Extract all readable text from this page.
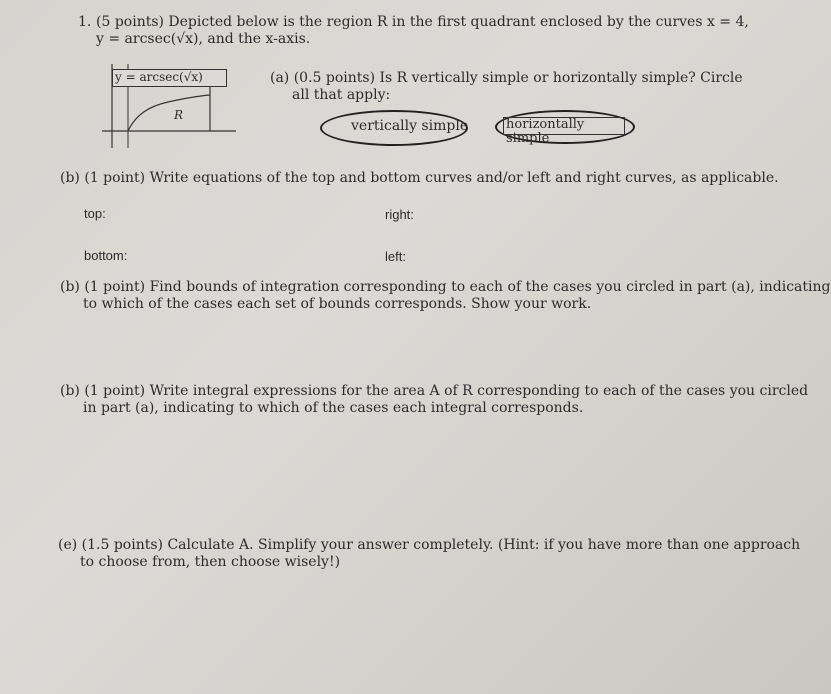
1. (5 points) Depicted below is the region R in the first quadrant enclosed by the curves x = 4,
y = arcsec(√x), and the x-axis.
y = arcsec(√x)
R
(a) (0.5 points) Is R vertically simple or horizontally simple? Circle
all that apply:
vertically simple	horizontally simple
(b) (1 point) Write equations of the top and bottom curves and/or left and right curves, as applicable.
top:	right:
bottom:	left:
(b) (1 point) Find bounds of integration corresponding to each of the cases you circled in part (a), indicating
to which of the cases each set of bounds corresponds. Show your work.
(b) (1 point) Write integral expressions for the area A of R corresponding to each of the cases you circled
in part (a), indicating to which of the cases each integral corresponds.
(e) (1.5 points) Calculate A. Simplify your answer completely. (Hint: if you have more than one approach
to choose from, then choose wisely!)
